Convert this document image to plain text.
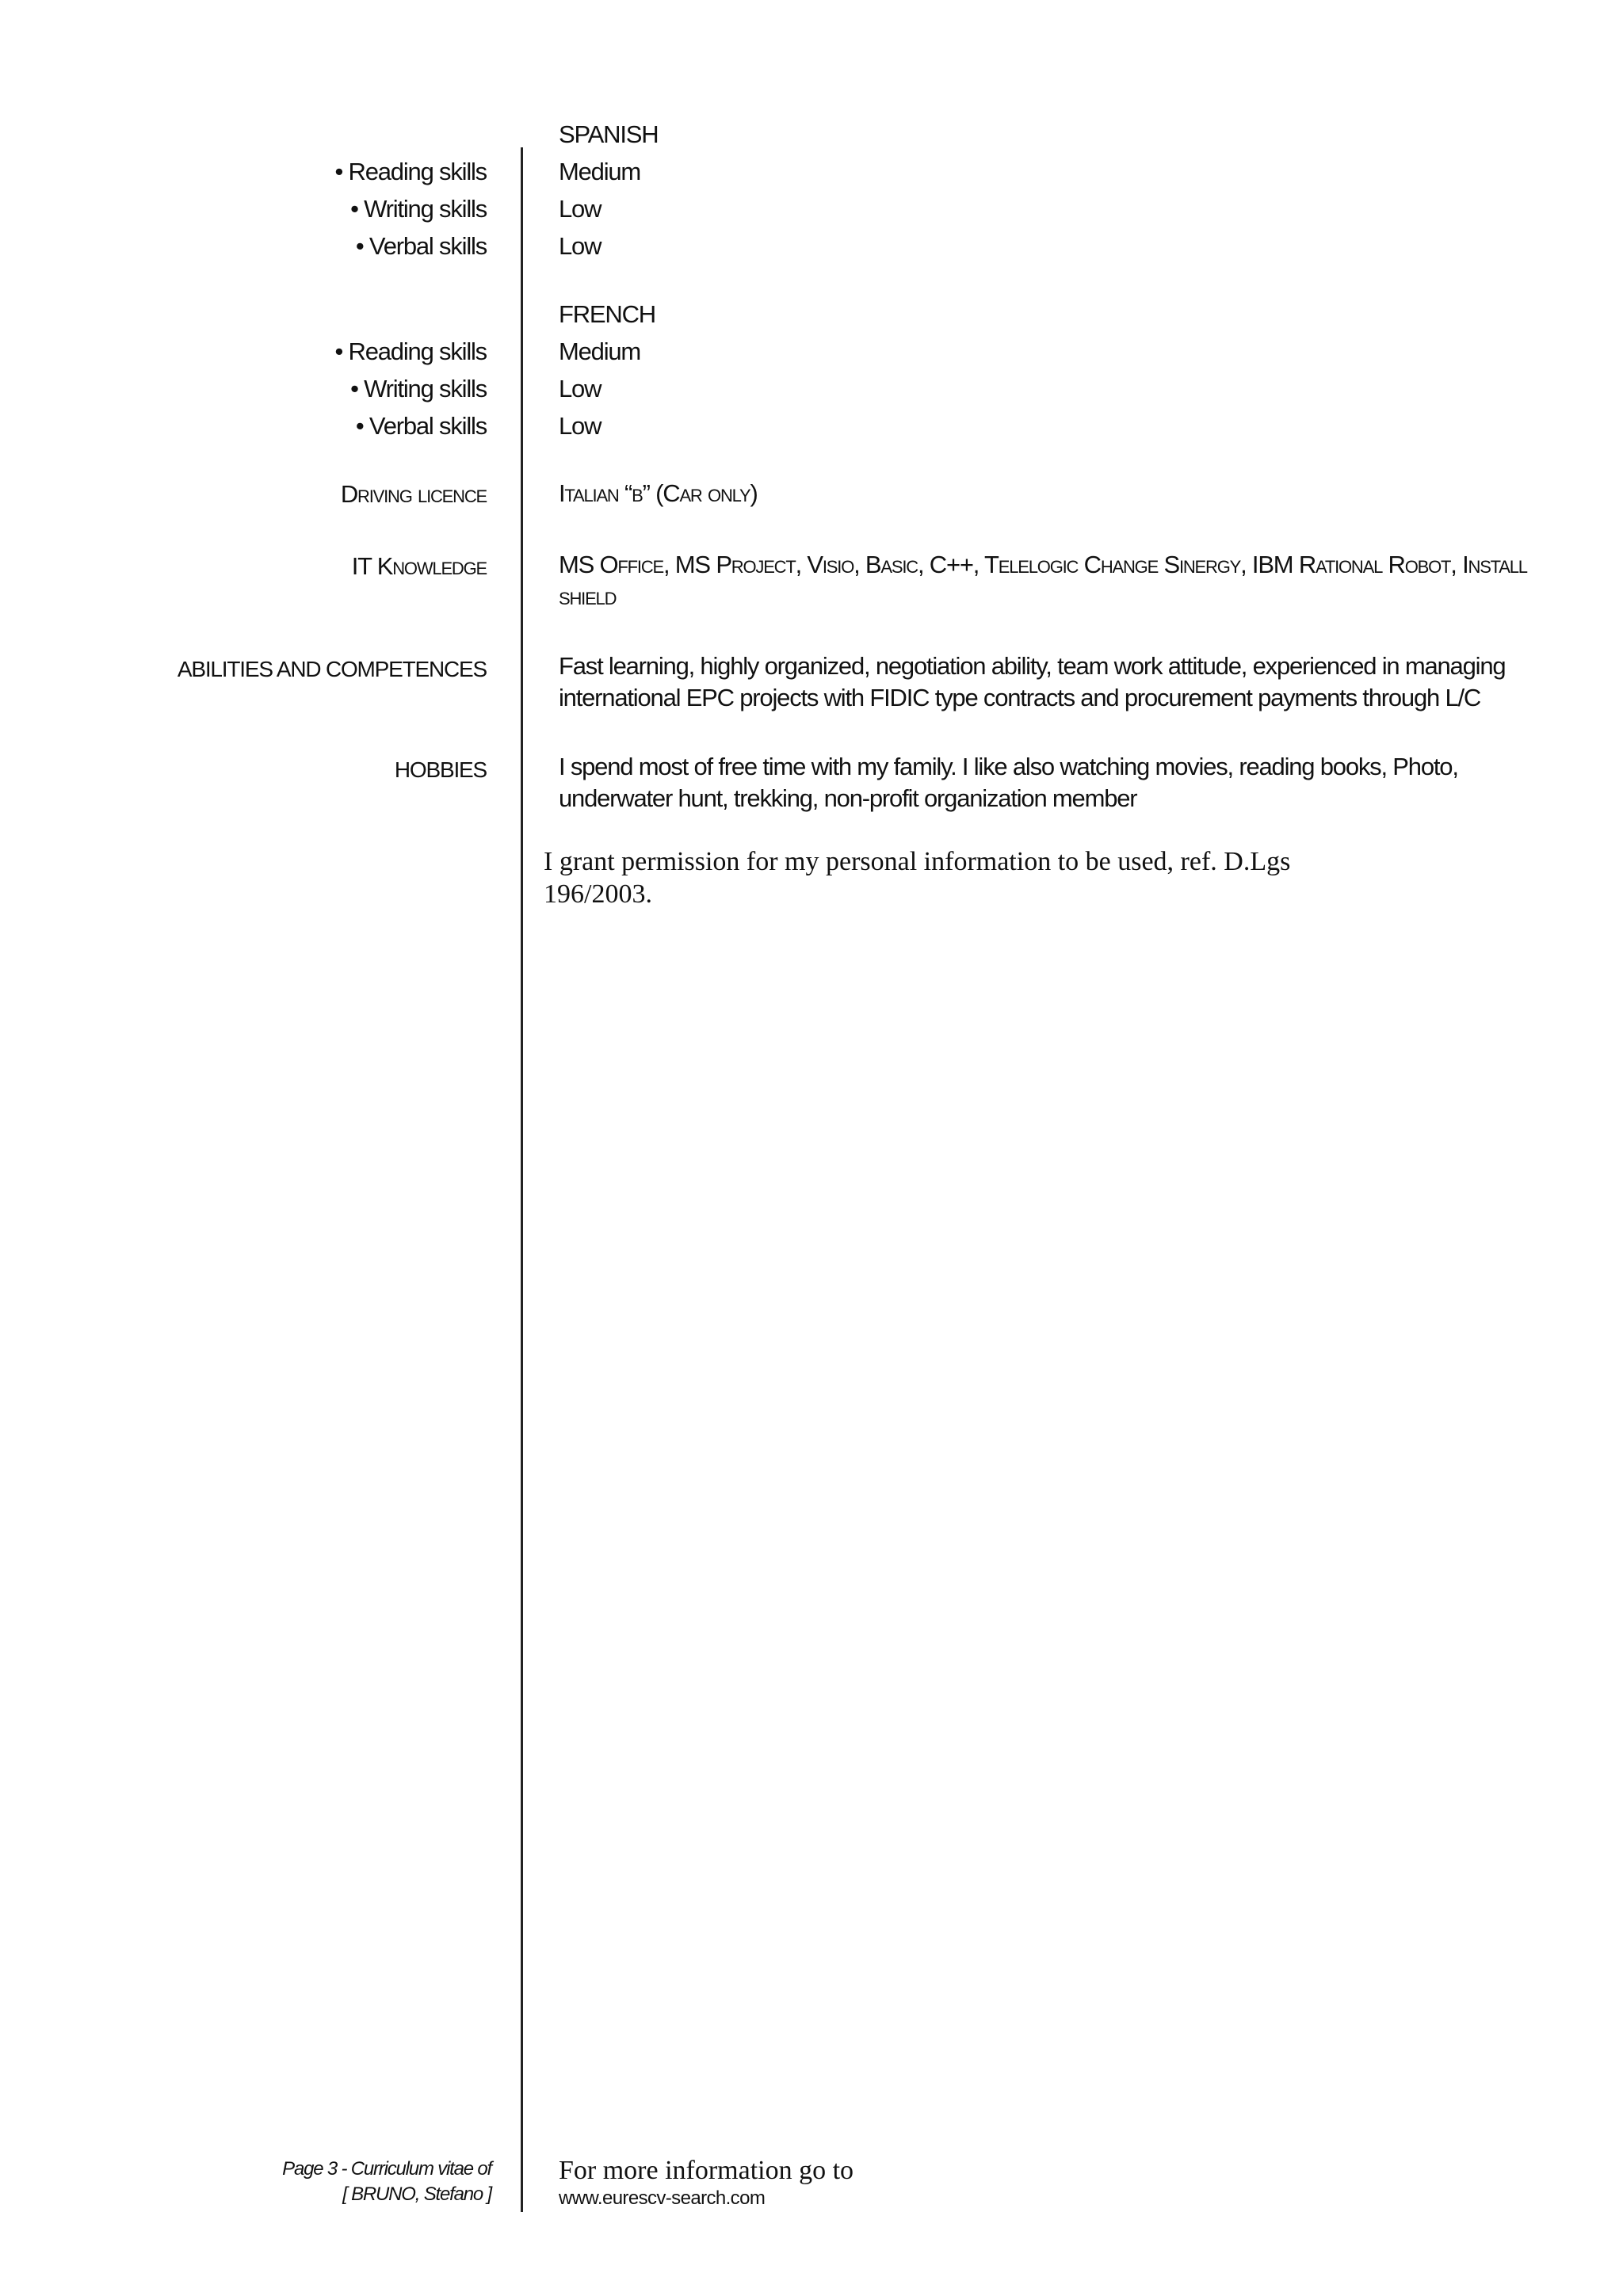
SPANISH
• Reading skills	Medium
• Writing skills	Low
• Verbal skills	Low
FRENCH
• Reading skills	Medium
• Writing skills	Low
• Verbal skills	Low
Driving licence	Italian “b” (Car only)
IT Knowledge	MS Office, MS Project, Visio, Basic, C++, Telelogic Change Sinergy, IBM Rational Robot, Install shield
ABILITIES AND COMPETENCES	Fast learning, highly organized, negotiation ability, team work attitude, experienced in managing international EPC projects with FIDIC type contracts and procurement payments through L/C
HOBBIES	I spend most of free time with my family. I like also watching movies, reading books, Photo, underwater hunt, trekking, non-profit organization member
I grant permission for my personal information to be used, ref. D.Lgs 196/2003.
Page 3 - Curriculum vitae of
[ BRUNO, Stefano ]
For more information go to
www.eurescv-search.com
